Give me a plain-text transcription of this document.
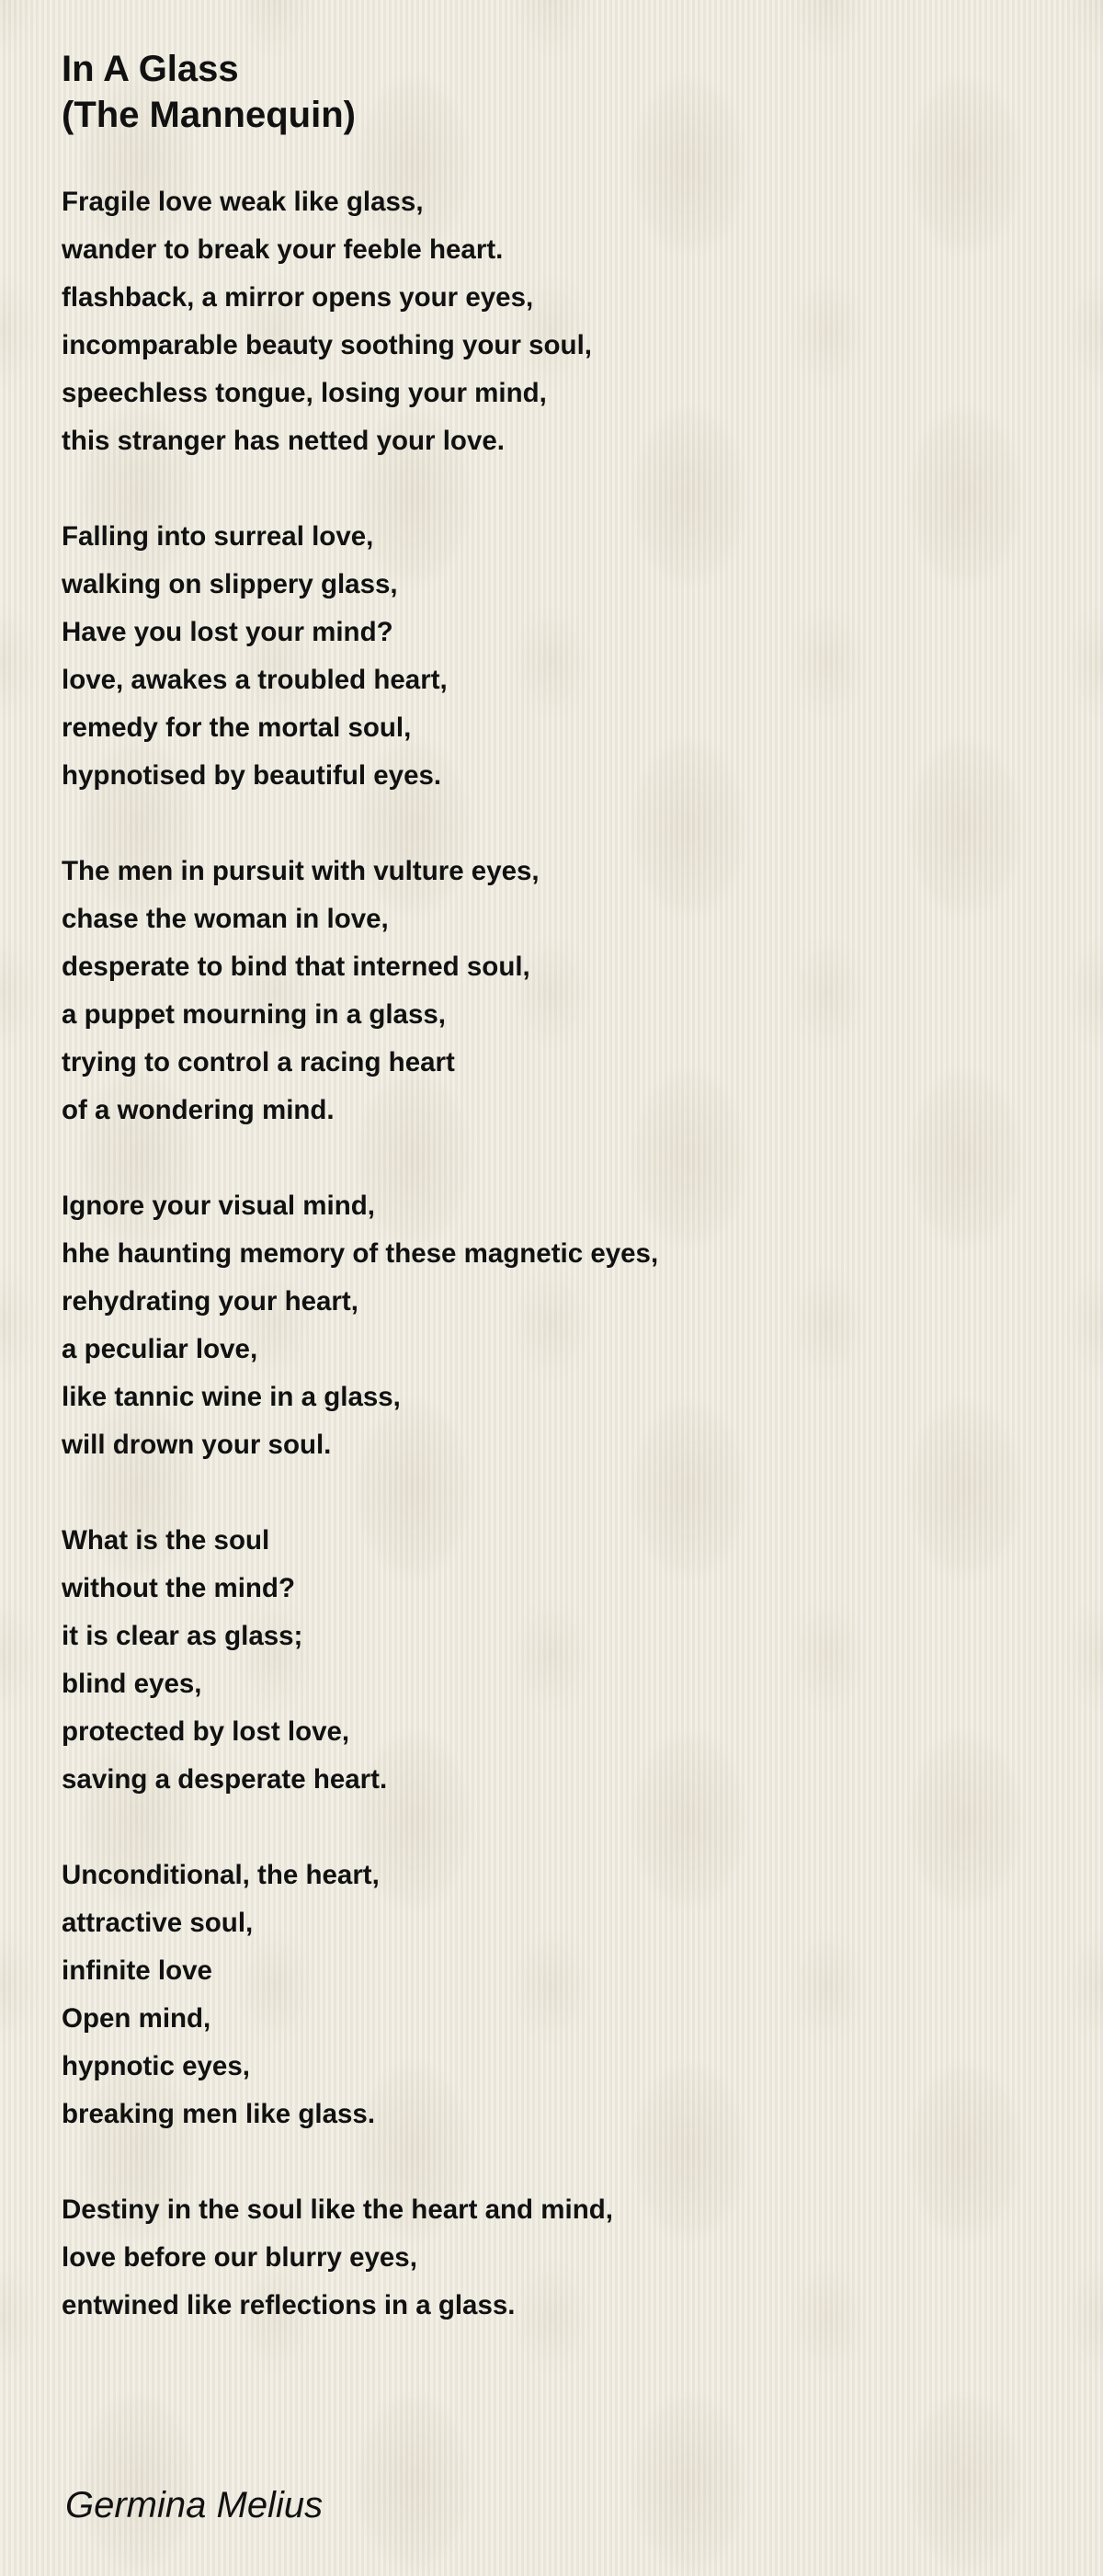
In A Glass
(The Mannequin)
Fragile love weak like glass,
wander to break your feeble heart.
flashback, a mirror opens your eyes,
incomparable beauty soothing your soul,
speechless tongue, losing your mind,
this stranger has netted your love.
Falling into surreal love,
walking on slippery glass,
Have you lost your mind?
love, awakes a troubled heart,
remedy for the mortal soul,
hypnotised by beautiful eyes.
The men in pursuit with vulture eyes,
chase the woman in love,
desperate to bind that interned soul,
a puppet mourning in a glass,
trying to control a racing heart
of a wondering mind.
Ignore your visual mind,
hhe haunting memory of these magnetic eyes,
rehydrating your heart,
a peculiar love,
like tannic wine in a glass,
will drown your soul.
What is the soul
without the mind?
it is clear as glass;
blind eyes,
protected by lost love,
saving a desperate heart.
Unconditional, the heart,
attractive soul,
infinite love
Open mind,
hypnotic eyes,
breaking men like glass.
Destiny in the soul like the heart and mind,
love before our blurry eyes,
entwined like reflections in a glass.

Germina Melius
